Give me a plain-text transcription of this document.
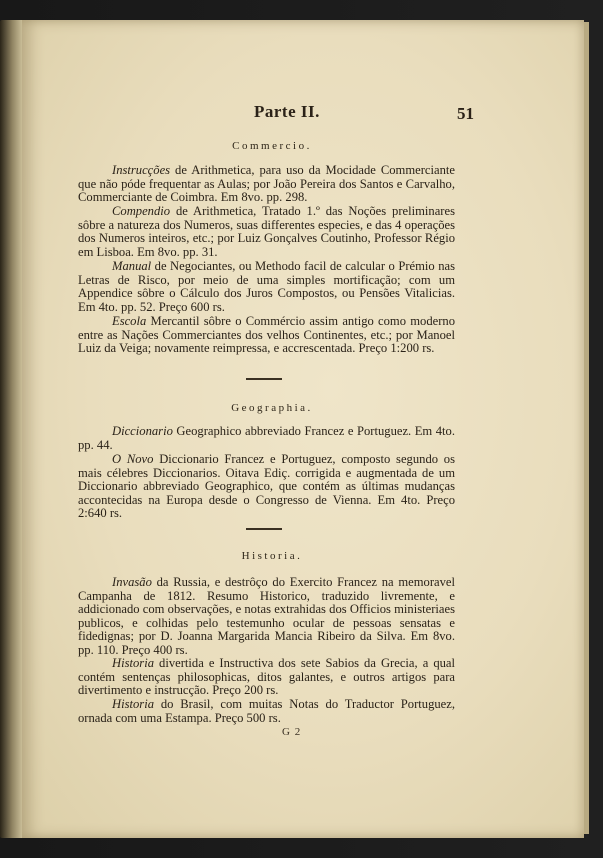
Parte II.	51
Commercio.

Instrucções de Arithmetica, para uso da Mocidade Commerciante que não póde frequentar as Aulas; por João Pereira dos Santos e Carvalho, Commerciante de Coimbra. Em 8vo. pp. 298.

Compendio de Arithmetica, Tratado 1.º das Noções preliminares sôbre a natureza dos Numeros, suas differentes especies, e das 4 operações dos Numeros inteiros, etc.; por Luiz Gonçalves Coutinho, Professor Régio em Lisboa. Em 8vo. pp. 31.

Manual de Negociantes, ou Methodo facil de calcular o Prémio nas Letras de Risco, por meio de uma simples mortificação; com um Appendice sôbre o Cálculo dos Juros Compostos, ou Pensões Vitalicias. Em 4to. pp. 52. Preço 600 rs.

Escola Mercantil sôbre o Commércio assim antigo como moderno entre as Nações Commerciantes dos velhos Continentes, etc.; por Manoel Luiz da Veiga; novamente reimpressa, e accrescentada. Preço 1:200 rs.

Geographia.

Diccionario Geographico abbreviado Francez e Portuguez. Em 4to. pp. 44.

O Novo Diccionario Francez e Portuguez, composto segundo os mais célebres Diccionarios. Oitava Ediç. corrigida e augmentada de um Diccionario abbreviado Geographico, que contém as últimas mudanças accontecidas na Europa desde o Congresso de Vienna. Em 4to. Preço 2:640 rs.

Historia.

Invasão da Russia, e destrôço do Exercito Francez na memoravel Campanha de 1812. Resumo Historico, traduzido livremente, e addicionado com observações, e notas extrahidas dos Officios ministeriaes publicos, e colhidas pelo testemunho ocular de pessoas sensatas e fidedignas; por D. Joanna Margarida Mancia Ribeiro da Silva. Em 8vo. pp. 110. Preço 400 rs.

Historia divertida e Instructiva dos sete Sabios da Grecia, a qual contém sentenças philosophicas, ditos galantes, e outros artigos para divertimento e instrucção. Preço 200 rs.

Historia do Brasil, com muitas Notas do Traductor Portuguez, ornada com uma Estampa. Preço 500 rs.

G 2
